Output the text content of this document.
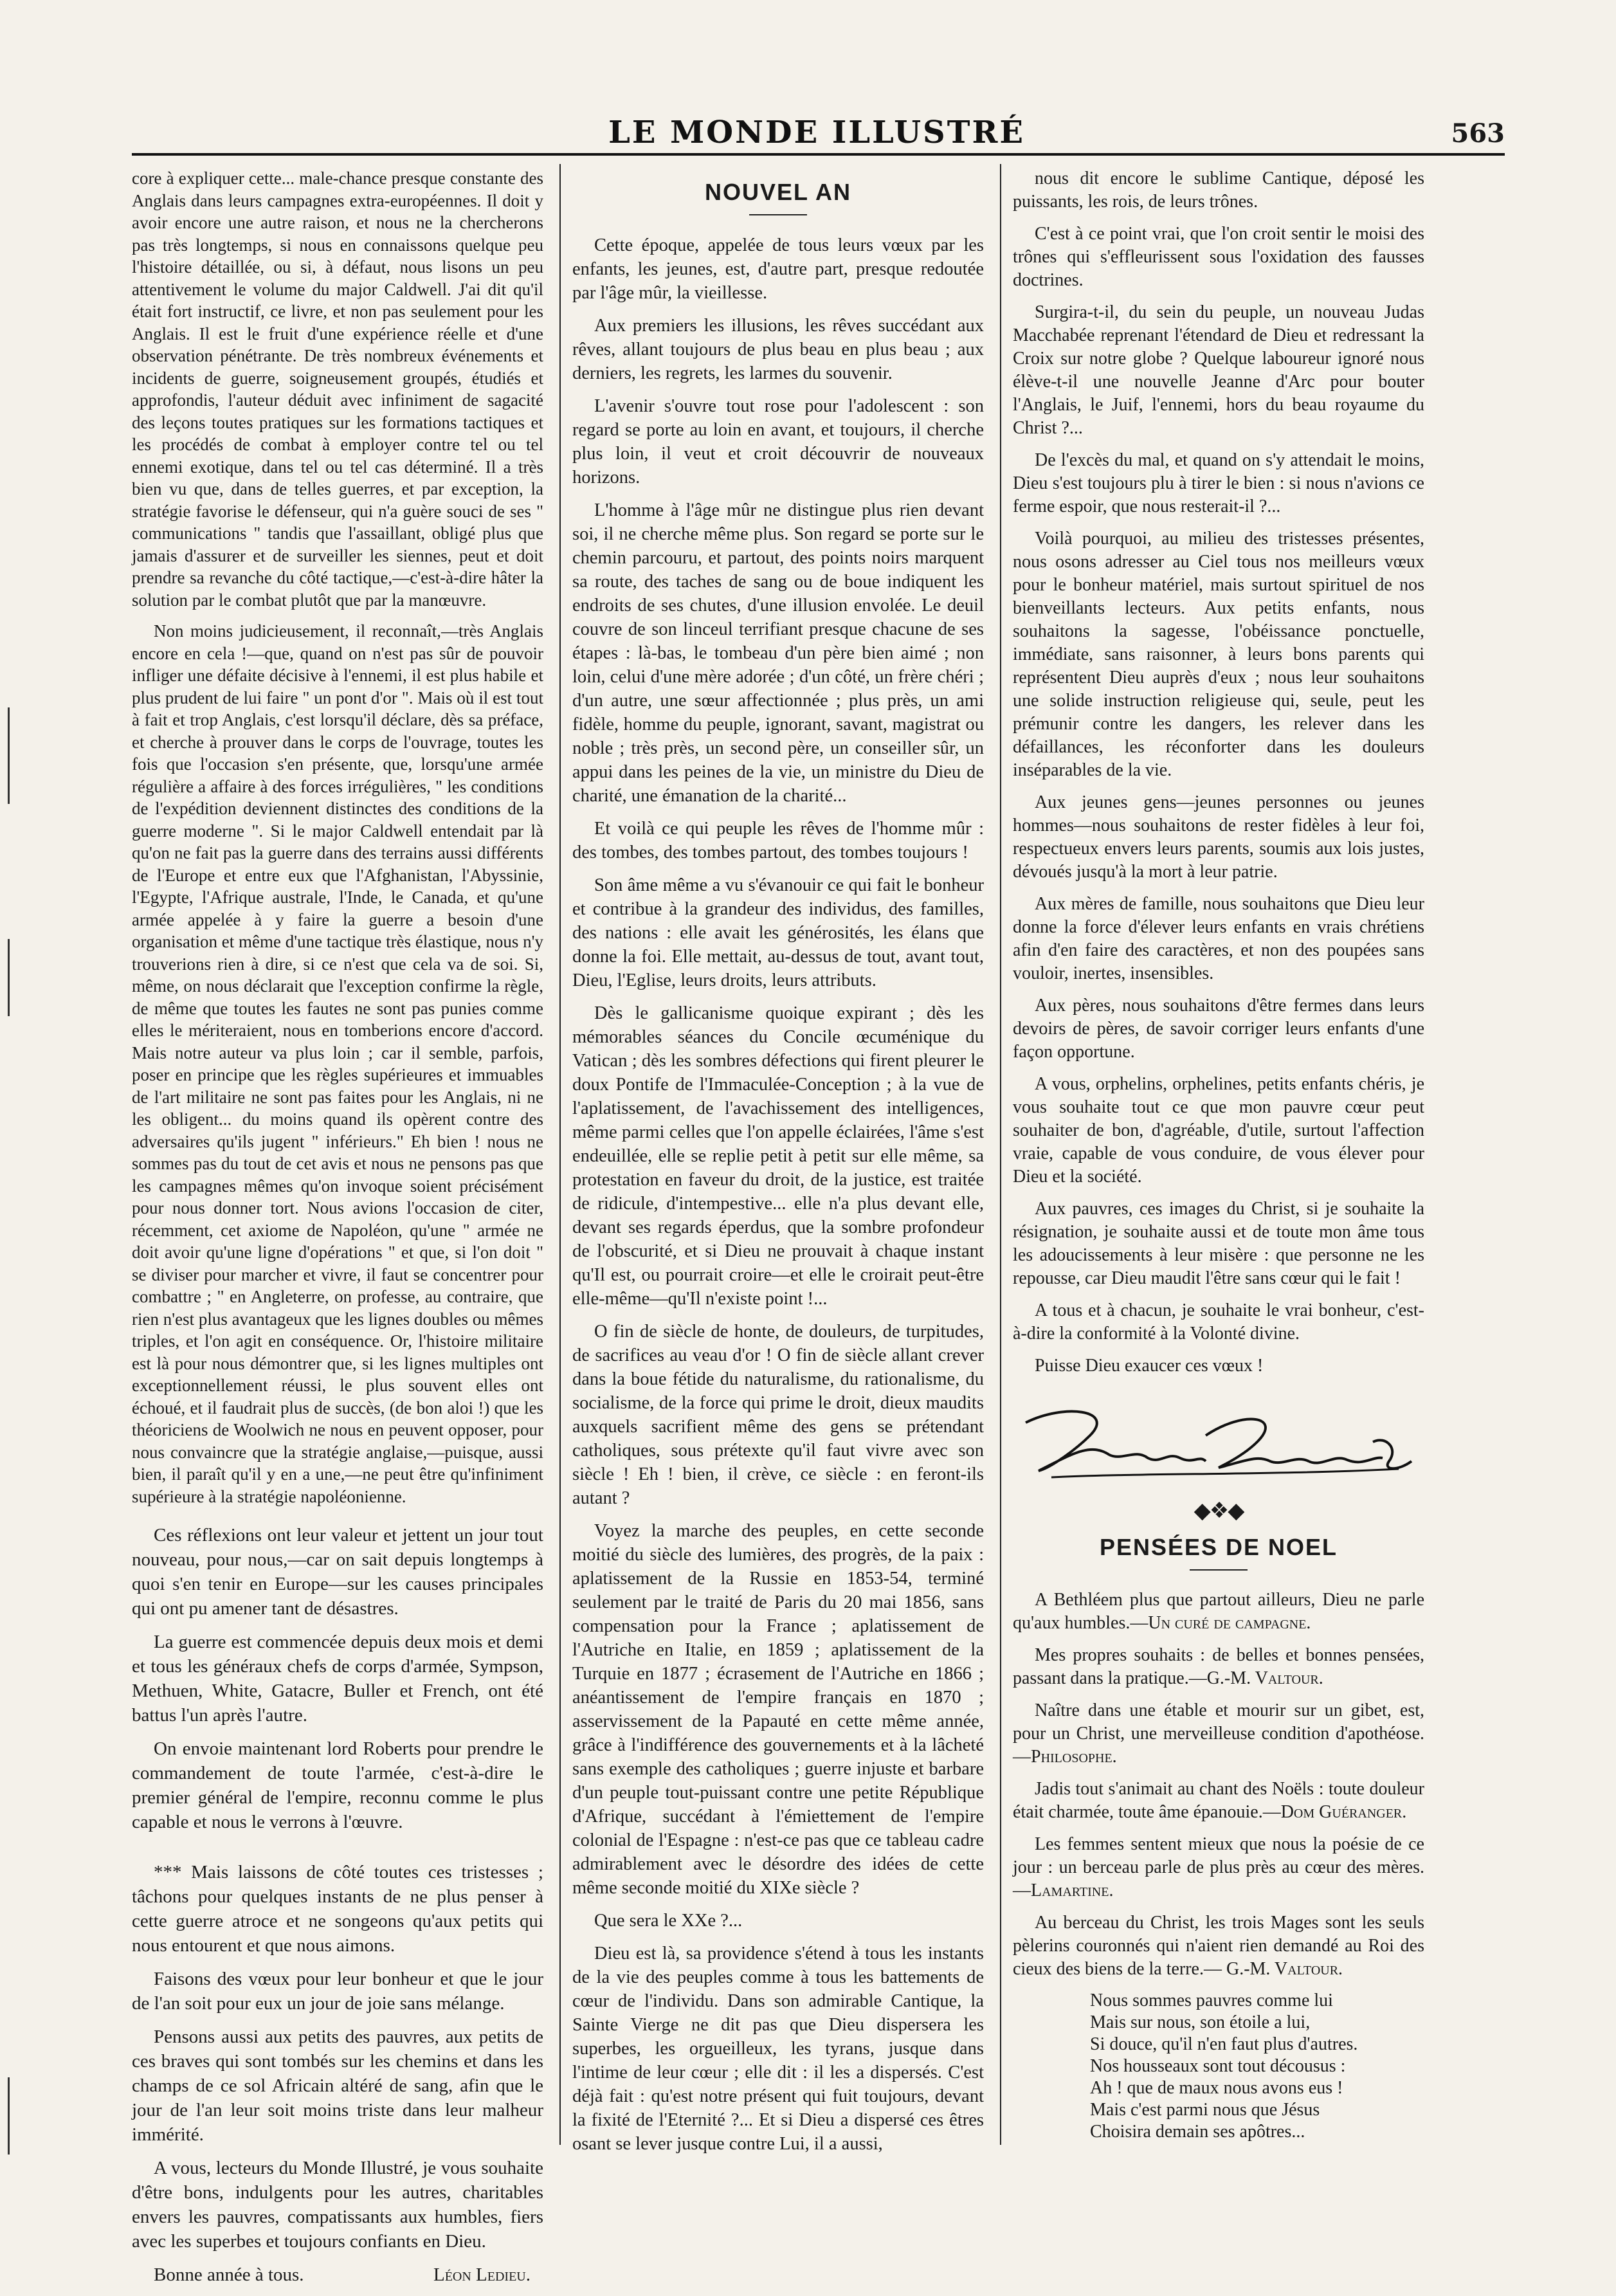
LE MONDE ILLUSTRÉ	563

core à expliquer cette... male-chance presque constante des Anglais dans leurs campagnes extra-européennes. Il doit y avoir encore une autre raison, et nous ne la chercherons pas très longtemps, si nous en connaissons quelque peu l'histoire détaillée, ou si, à défaut, nous lisons un peu attentivement le volume du major Caldwell. J'ai dit qu'il était fort instructif, ce livre, et non pas seulement pour les Anglais. Il est le fruit d'une expérience réelle et d'une observation pénétrante. De très nombreux événements et incidents de guerre, soigneusement groupés, étudiés et approfondis, l'auteur déduit avec infiniment de sagacité des leçons toutes pratiques sur les formations tactiques et les procédés de combat à employer contre tel ou tel ennemi exotique, dans tel ou tel cas déterminé. Il a très bien vu que, dans de telles guerres, et par exception, la stratégie favorise le défenseur, qui n'a guère souci de ses " communications " tandis que l'assaillant, obligé plus que jamais d'assurer et de surveiller les siennes, peut et doit prendre sa revanche du côté tactique,—c'est-à-dire hâter la solution par le combat plutôt que par la manœuvre.

Non moins judicieusement, il reconnaît,—très Anglais encore en cela !—que, quand on n'est pas sûr de pouvoir infliger une défaite décisive à l'ennemi, il est plus habile et plus prudent de lui faire " un pont d'or ". Mais où il est tout à fait et trop Anglais, c'est lorsqu'il déclare, dès sa préface, et cherche à prouver dans le corps de l'ouvrage, toutes les fois que l'occasion s'en présente, que, lorsqu'une armée régulière a affaire à des forces irrégulières, " les conditions de l'expédition deviennent distinctes des conditions de la guerre moderne ". Si le major Caldwell entendait par là qu'on ne fait pas la guerre dans des terrains aussi différents de l'Europe et entre eux que l'Afghanistan, l'Abyssinie, l'Egypte, l'Afrique australe, l'Inde, le Canada, et qu'une armée appelée à y faire la guerre a besoin d'une organisation et même d'une tactique très élastique, nous n'y trouverions rien à dire, si ce n'est que cela va de soi. Si, même, on nous déclarait que l'exception confirme la règle, de même que toutes les fautes ne sont pas punies comme elles le mériteraient, nous en tomberions encore d'accord. Mais notre auteur va plus loin ; car il semble, parfois, poser en principe que les règles supérieures et immuables de l'art militaire ne sont pas faites pour les Anglais, ni ne les obligent... du moins quand ils opèrent contre des adversaires qu'ils jugent " inférieurs." Eh bien ! nous ne sommes pas du tout de cet avis et nous ne pensons pas que les campagnes mêmes qu'on invoque soient précisément pour nous donner tort. Nous avions l'occasion de citer, récemment, cet axiome de Napoléon, qu'une " armée ne doit avoir qu'une ligne d'opérations " et que, si l'on doit " se diviser pour marcher et vivre, il faut se concentrer pour combattre ; " en Angleterre, on professe, au contraire, que rien n'est plus avantageux que les lignes doubles ou mêmes triples, et l'on agit en conséquence. Or, l'histoire militaire est là pour nous démontrer que, si les lignes multiples ont exceptionnellement réussi, le plus souvent elles ont échoué, et il faudrait plus de succès, (de bon aloi !) que les théoriciens de Woolwich ne nous en peuvent opposer, pour nous convaincre que la stratégie anglaise,—puisque, aussi bien, il paraît qu'il y en a une,—ne peut être qu'infiniment supérieure à la stratégie napoléonienne.

Ces réflexions ont leur valeur et jettent un jour tout nouveau, pour nous,—car on sait depuis longtemps à quoi s'en tenir en Europe—sur les causes principales qui ont pu amener tant de désastres.

La guerre est commencée depuis deux mois et demi et tous les généraux chefs de corps d'armée, Sympson, Methuen, White, Gatacre, Buller et French, ont été battus l'un après l'autre.

On envoie maintenant lord Roberts pour prendre le commandement de toute l'armée, c'est-à-dire le premier général de l'empire, reconnu comme le plus capable et nous le verrons à l'œuvre.

*** Mais laissons de côté toutes ces tristesses ; tâchons pour quelques instants de ne plus penser à cette guerre atroce et ne songeons qu'aux petits qui nous entourent et que nous aimons.

Faisons des vœux pour leur bonheur et que le jour de l'an soit pour eux un jour de joie sans mélange.

Pensons aussi aux petits des pauvres, aux petits de ces braves qui sont tombés sur les chemins et dans les champs de ce sol Africain altéré de sang, afin que le jour de l'an leur soit moins triste dans leur malheur immérité.

A vous, lecteurs du Monde Illustré, je vous souhaite d'être bons, indulgents pour les autres, charitables envers les pauvres, compatissants aux humbles, fiers avec les superbes et toujours confiants en Dieu.

Bonne année à tous.	Léon Ledieu.

NOUVEL AN

Cette époque, appelée de tous leurs vœux par les enfants, les jeunes, est, d'autre part, presque redoutée par l'âge mûr, la vieillesse.

Aux premiers les illusions, les rêves succédant aux rêves, allant toujours de plus beau en plus beau ; aux derniers, les regrets, les larmes du souvenir.

L'avenir s'ouvre tout rose pour l'adolescent : son regard se porte au loin en avant, et toujours, il cherche plus loin, il veut et croit découvrir de nouveaux horizons.

L'homme à l'âge mûr ne distingue plus rien devant soi, il ne cherche même plus. Son regard se porte sur le chemin parcouru, et partout, des points noirs marquent sa route, des taches de sang ou de boue indiquent les endroits de ses chutes, d'une illusion envolée. Le deuil couvre de son linceul terrifiant presque chacune de ses étapes : là-bas, le tombeau d'un père bien aimé ; non loin, celui d'une mère adorée ; d'un côté, un frère chéri ; d'un autre, une sœur affectionnée ; plus près, un ami fidèle, homme du peuple, ignorant, savant, magistrat ou noble ; très près, un second père, un conseiller sûr, un appui dans les peines de la vie, un ministre du Dieu de charité, une émanation de la charité...

Et voilà ce qui peuple les rêves de l'homme mûr : des tombes, des tombes partout, des tombes toujours !

Son âme même a vu s'évanouir ce qui fait le bonheur et contribue à la grandeur des individus, des familles, des nations : elle avait les générosités, les élans que donne la foi. Elle mettait, au-dessus de tout, avant tout, Dieu, l'Eglise, leurs droits, leurs attributs.

Dès le gallicanisme quoique expirant ; dès les mémorables séances du Concile œcuménique du Vatican ; dès les sombres défections qui firent pleurer le doux Pontife de l'Immaculée-Conception ; à la vue de l'aplatissement, de l'avachissement des intelligences, même parmi celles que l'on appelle éclairées, l'âme s'est endeuillée, elle se replie petit à petit sur elle même, sa protestation en faveur du droit, de la justice, est traitée de ridicule, d'intempestive... elle n'a plus devant elle, devant ses regards éperdus, que la sombre profondeur de l'obscurité, et si Dieu ne prouvait à chaque instant qu'Il est, ou pourrait croire—et elle le croirait peut-être elle-même—qu'Il n'existe point !...

O fin de siècle de honte, de douleurs, de turpitudes, de sacrifices au veau d'or ! O fin de siècle allant crever dans la boue fétide du naturalisme, du rationalisme, du socialisme, de la force qui prime le droit, dieux maudits auxquels sacrifient même des gens se prétendant catholiques, sous prétexte qu'il faut vivre avec son siècle ! Eh ! bien, il crève, ce siècle : en feront-ils autant ?

Voyez la marche des peuples, en cette seconde moitié du siècle des lumières, des progrès, de la paix : aplatissement de la Russie en 1853-54, terminé seulement par le traité de Paris du 20 mai 1856, sans compensation pour la France ; aplatissement de l'Autriche en Italie, en 1859 ; aplatissement de la Turquie en 1877 ; écrasement de l'Autriche en 1866 ; anéantissement de l'empire français en 1870 ; asservissement de la Papauté en cette même année, grâce à l'indifférence des gouvernements et à la lâcheté sans exemple des catholiques ; guerre injuste et barbare d'un peuple tout-puissant contre une petite République d'Afrique, succédant à l'émiettement de l'empire colonial de l'Espagne : n'est-ce pas que ce tableau cadre admirablement avec le désordre des idées de cette même seconde moitié du XIXe siècle ?

Que sera le XXe ?...

Dieu est là, sa providence s'étend à tous les instants de la vie des peuples comme à tous les battements de cœur de l'individu. Dans son admirable Cantique, la Sainte Vierge ne dit pas que Dieu dispersera les superbes, les orgueilleux, les tyrans, jusque dans l'intime de leur cœur ; elle dit : il les a dispersés. C'est déjà fait : qu'est notre présent qui fuit toujours, devant la fixité de l'Eternité ?... Et si Dieu a dispersé ces êtres osant se lever jusque contre Lui, il a aussi,

nous dit encore le sublime Cantique, déposé les puissants, les rois, de leurs trônes.

C'est à ce point vrai, que l'on croit sentir le moisi des trônes qui s'effleurissent sous l'oxidation des fausses doctrines.

Surgira-t-il, du sein du peuple, un nouveau Judas Macchabée reprenant l'étendard de Dieu et redressant la Croix sur notre globe ? Quelque laboureur ignoré nous élève-t-il une nouvelle Jeanne d'Arc pour bouter l'Anglais, le Juif, l'ennemi, hors du beau royaume du Christ ?...

De l'excès du mal, et quand on s'y attendait le moins, Dieu s'est toujours plu à tirer le bien : si nous n'avions ce ferme espoir, que nous resterait-il ?...

Voilà pourquoi, au milieu des tristesses présentes, nous osons adresser au Ciel tous nos meilleurs vœux pour le bonheur matériel, mais surtout spirituel de nos bienveillants lecteurs. Aux petits enfants, nous souhaitons la sagesse, l'obéissance ponctuelle, immédiate, sans raisonner, à leurs bons parents qui représentent Dieu auprès d'eux ; nous leur souhaitons une solide instruction religieuse qui, seule, peut les prémunir contre les dangers, les relever dans les défaillances, les réconforter dans les douleurs inséparables de la vie.

Aux jeunes gens—jeunes personnes ou jeunes hommes—nous souhaitons de rester fidèles à leur foi, respectueux envers leurs parents, soumis aux lois justes, dévoués jusqu'à la mort à leur patrie.

Aux mères de famille, nous souhaitons que Dieu leur donne la force d'élever leurs enfants en vrais chrétiens afin d'en faire des caractères, et non des poupées sans vouloir, inertes, insensibles.

Aux pères, nous souhaitons d'être fermes dans leurs devoirs de pères, de savoir corriger leurs enfants d'une façon opportune.

A vous, orphelins, orphelines, petits enfants chéris, je vous souhaite tout ce que mon pauvre cœur peut souhaiter de bon, d'agréable, d'utile, surtout l'affection vraie, capable de vous conduire, de vous élever pour Dieu et la société.

Aux pauvres, ces images du Christ, si je souhaite la résignation, je souhaite aussi et de toute mon âme tous les adoucissements à leur misère : que personne ne les repousse, car Dieu maudit l'être sans cœur qui le fait !

A tous et à chacun, je souhaite le vrai bonheur, c'est-à-dire la conformité à la Volonté divine.

Puisse Dieu exaucer ces vœux !

◆❖◆
PENSÉES DE NOEL

A Bethléem plus que partout ailleurs, Dieu ne parle qu'aux humbles.—Un curé de campagne.

Mes propres souhaits : de belles et bonnes pensées, passant dans la pratique.—G.-M. Valtour.

Naître dans une étable et mourir sur un gibet, est, pour un Christ, une merveilleuse condition d'apothéose.—Philosophe.

Jadis tout s'animait au chant des Noëls : toute douleur était charmée, toute âme épanouie.—Dom Guéranger.

Les femmes sentent mieux que nous la poésie de ce jour : un berceau parle de plus près au cœur des mères.—Lamartine.

Au berceau du Christ, les trois Mages sont les seuls pèlerins couronnés qui n'aient rien demandé au Roi des cieux des biens de la terre.— G.-M. Valtour.

Nous sommes pauvres comme lui
Mais sur nous, son étoile a lui,
Si douce, qu'il n'en faut plus d'autres.
Nos housseaux sont tout décousus :
Ah ! que de maux nous avons eus !
Mais c'est parmi nous que Jésus
Choisira demain ses apôtres...
